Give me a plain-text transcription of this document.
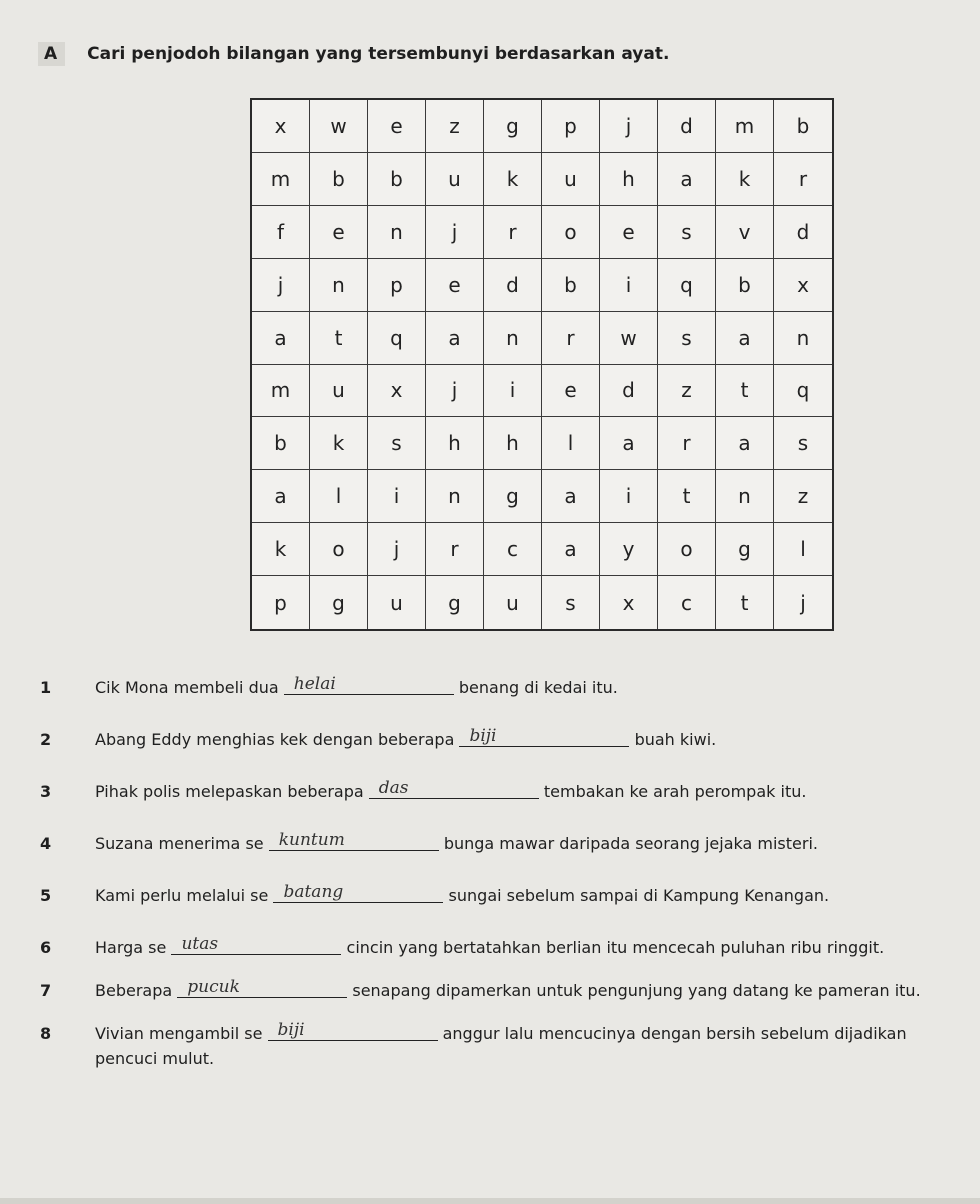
A	Cari penjodoh bilangan yang tersembunyi berdasarkan ayat.
x	w	e	z	g	p	j	d	m	b
m	b	b	u	k	u	h	a	k	r
f	e	n	j	r	o	e	s	v	d
j	n	p	e	d	b	i	q	b	x
a	t	q	a	n	r	w	s	a	n
m	u	x	j	i	e	d	z	t	q
b	k	s	h	h	l	a	r	a	s
a	l	i	n	g	a	i	t	n	z
k	o	j	r	c	a	y	o	g	l
p	g	u	g	u	s	x	c	t	j
1	Cik Mona membeli dua helai	benang di kedai itu.
2	Abang Eddy menghias kek dengan beberapa biji	buah kiwi.
3	Pihak polis melepaskan beberapa das	tembakan ke arah perompak itu.
4	Suzana menerima se kuntum	bunga mawar daripada seorang jejaka misteri.
5	Kami perlu melalui se batang	sungai sebelum sampai di Kampung Kenangan.
6	Harga se utas	cincin yang bertatahkan berlian itu mencecah puluhan ribu ringgit.
7	Beberapa pucuk	senapang dipamerkan untuk pengunjung yang datang ke pameran itu.
8	Vivian mengambil se biji	anggur lalu mencucinya dengan bersih sebelum dijadikan pencuci mulut.
